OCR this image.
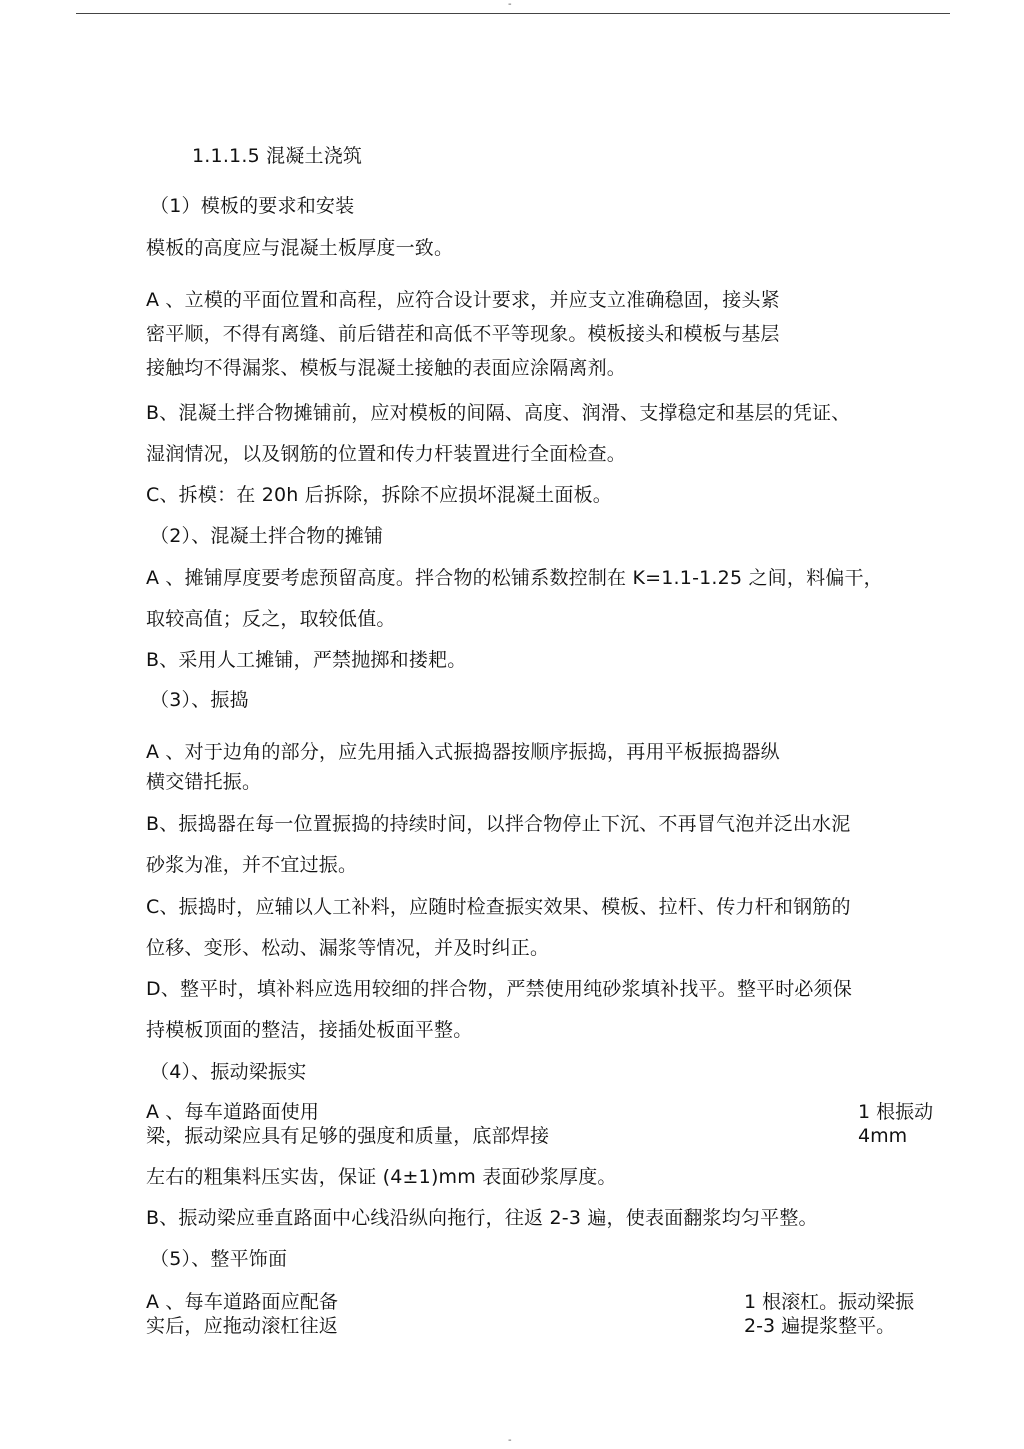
-
1.1.1.5 混凝土浇筑
（1）模板的要求和安装
模板的高度应与混凝土板厚度一致。
A 、立模的平面位置和高程，应符合设计要求，并应支立准确稳固，接头紧
密平顺，不得有离缝、前后错茬和高低不平等现象。模板接头和模板与基层
接触均不得漏浆、模板与混凝土接触的表面应涂隔离剂。
B、混凝土拌合物摊铺前，应对模板的间隔、高度、润滑、支撑稳定和基层的凭证、
湿润情况，以及钢筋的位置和传力杆装置进行全面检查。
C、拆模：在 20h 后拆除，拆除不应损坏混凝土面板。
（2）、混凝土拌合物的摊铺
A 、摊铺厚度要考虑预留高度。拌合物的松铺系数控制在 K=1.1-1.25 之间，料偏干，
取较高值；反之，取较低值。
B、采用人工摊铺，严禁抛掷和搂耙。
（3）、振捣
A 、对于边角的部分，应先用插入式振捣器按顺序振捣，再用平板振捣器纵
横交错托振。
B、振捣器在每一位置振捣的持续时间，以拌合物停止下沉、不再冒气泡并泛出水泥
砂浆为准，并不宜过振。
C、振捣时，应辅以人工补料，应随时检查振实效果、模板、拉杆、传力杆和钢筋的
位移、变形、松动、漏浆等情况，并及时纠正。
D、整平时，填补料应选用较细的拌合物，严禁使用纯砂浆填补找平。整平时必须保
持模板顶面的整洁，接插处板面平整。
（4）、振动梁振实
A 、每车道路面使用	1 根振动
梁，振动梁应具有足够的强度和质量，底部焊接	4mm
左右的粗集料压实齿，保证 (4±1)mm 表面砂浆厚度。
B、振动梁应垂直路面中心线沿纵向拖行，往返 2-3 遍，使表面翻浆均匀平整。
（5）、整平饰面
A 、每车道路面应配备	1 根滚杠。振动梁振
实后，应拖动滚杠往返	2-3 遍提浆整平。
-
